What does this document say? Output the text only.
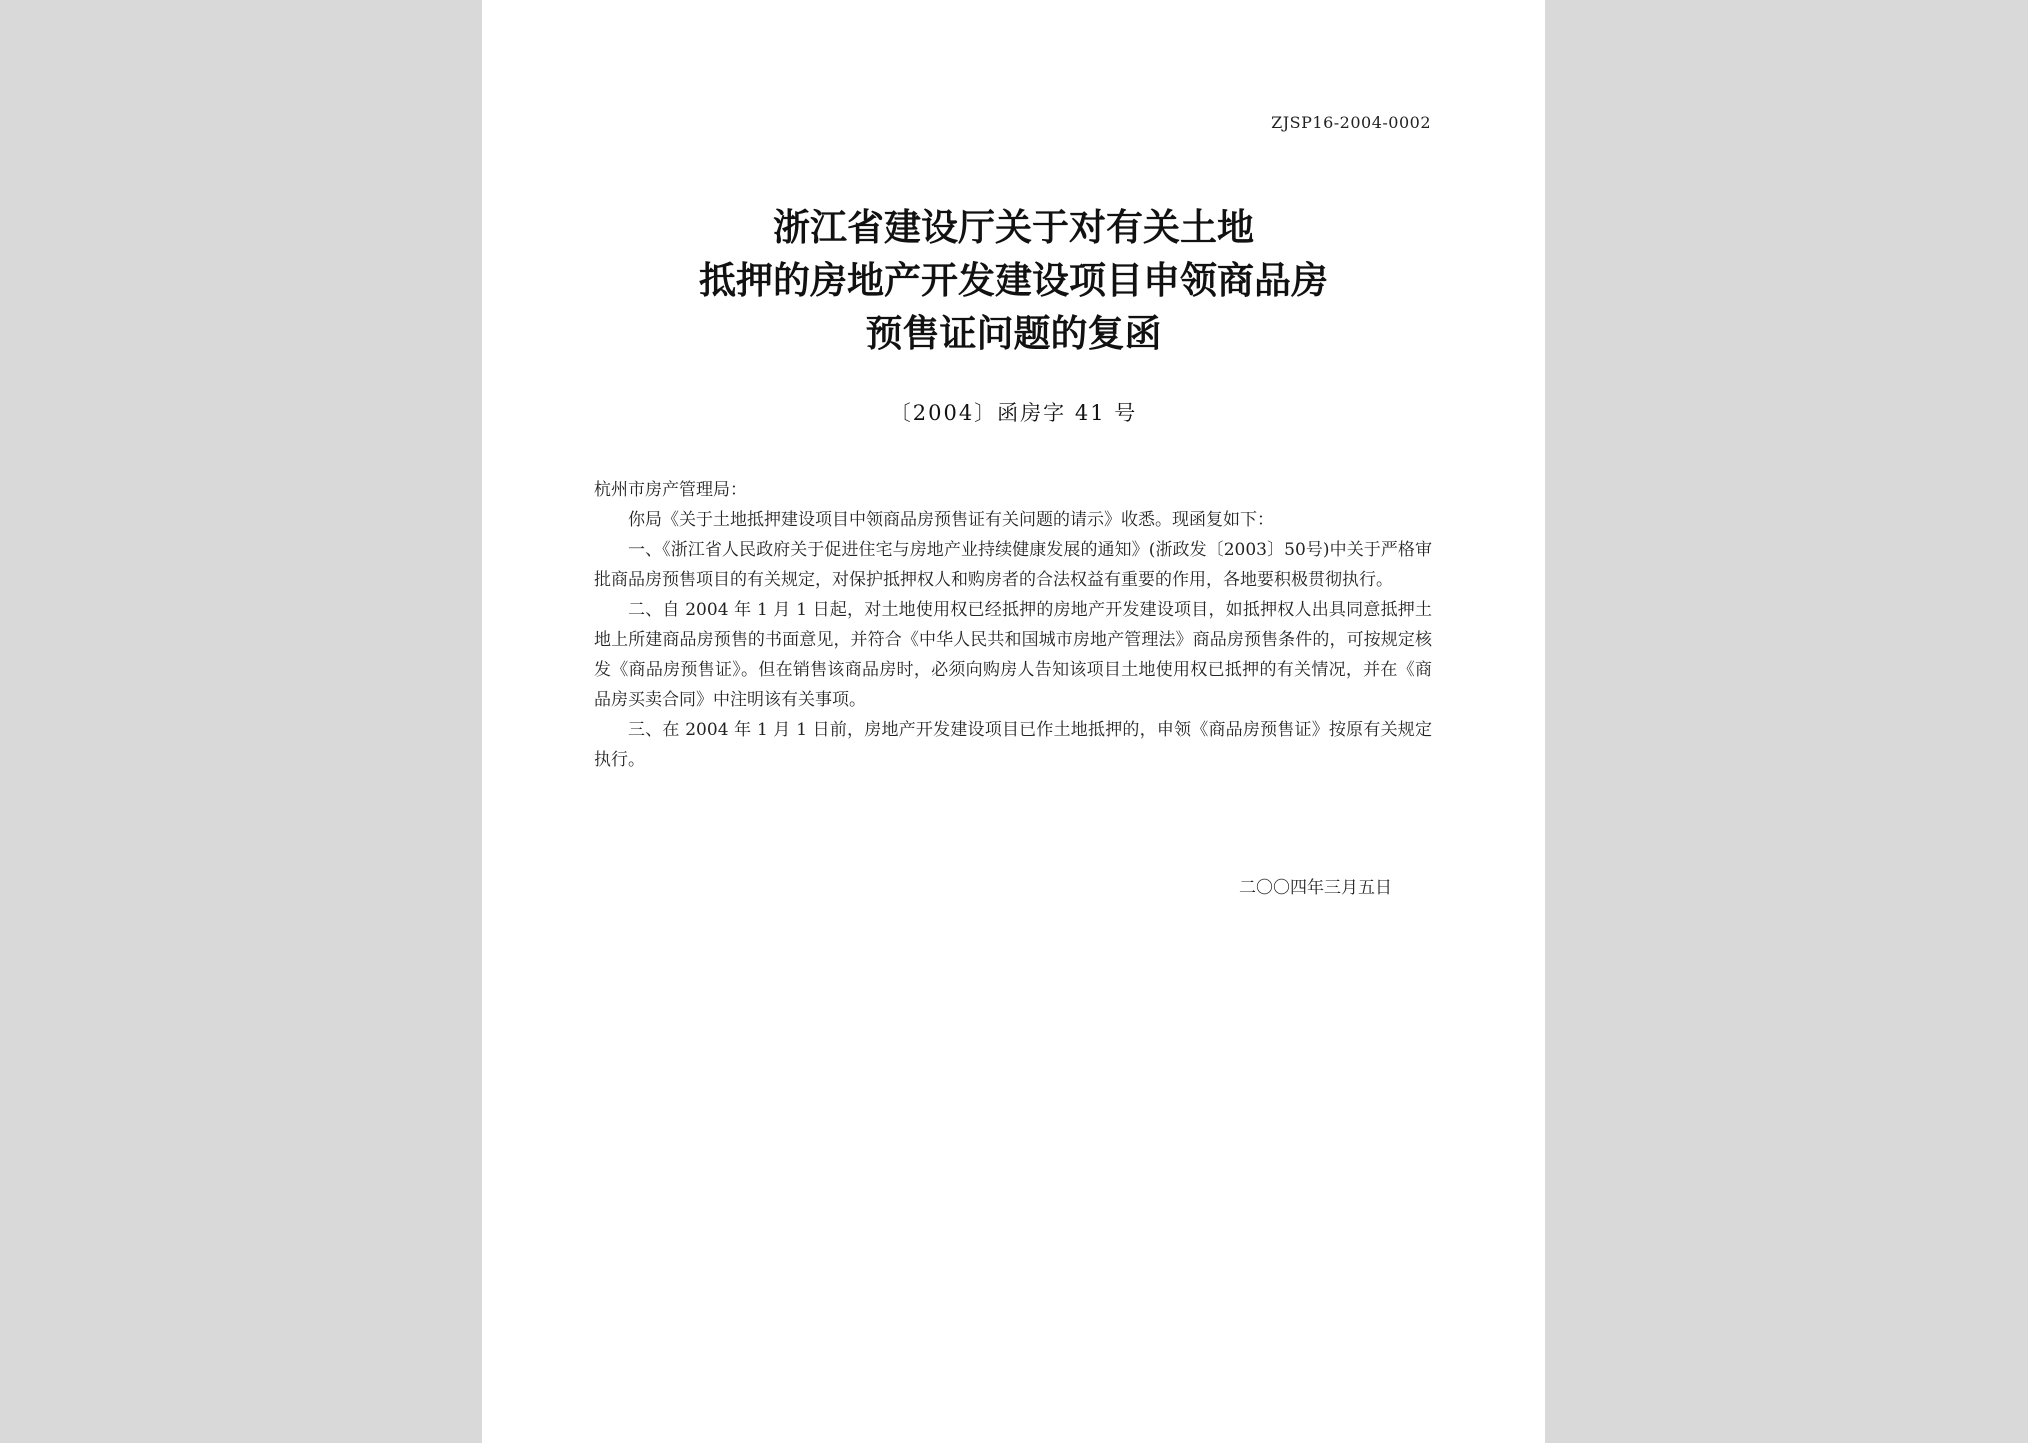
ZJSP16-2004-0002
浙江省建设厅关于对有关土地
抵押的房地产开发建设项目申领商品房
预售证问题的复函
〔2004〕函房字 41 号

杭州市房产管理局：

你局《关于土地抵押建设项目中领商品房预售证有关问题的请示》收悉。现函复如下：

一、《浙江省人民政府关于促进住宅与房地产业持续健康发展的通知》(浙政发〔2003〕50号)中关于严格审批商品房预售项目的有关规定，对保护抵押权人和购房者的合法权益有重要的作用，各地要积极贯彻执行。

二、自 2004 年 1 月 1 日起，对土地使用权已经抵押的房地产开发建设项目，如抵押权人出具同意抵押土地上所建商品房预售的书面意见，并符合《中华人民共和国城市房地产管理法》商品房预售条件的，可按规定核发《商品房预售证》。但在销售该商品房时，必须向购房人告知该项目土地使用权已抵押的有关情况，并在《商品房买卖合同》中注明该有关事项。

三、在 2004 年 1 月 1 日前，房地产开发建设项目已作土地抵押的，申领《商品房预售证》按原有关规定执行。

二〇〇四年三月五日
